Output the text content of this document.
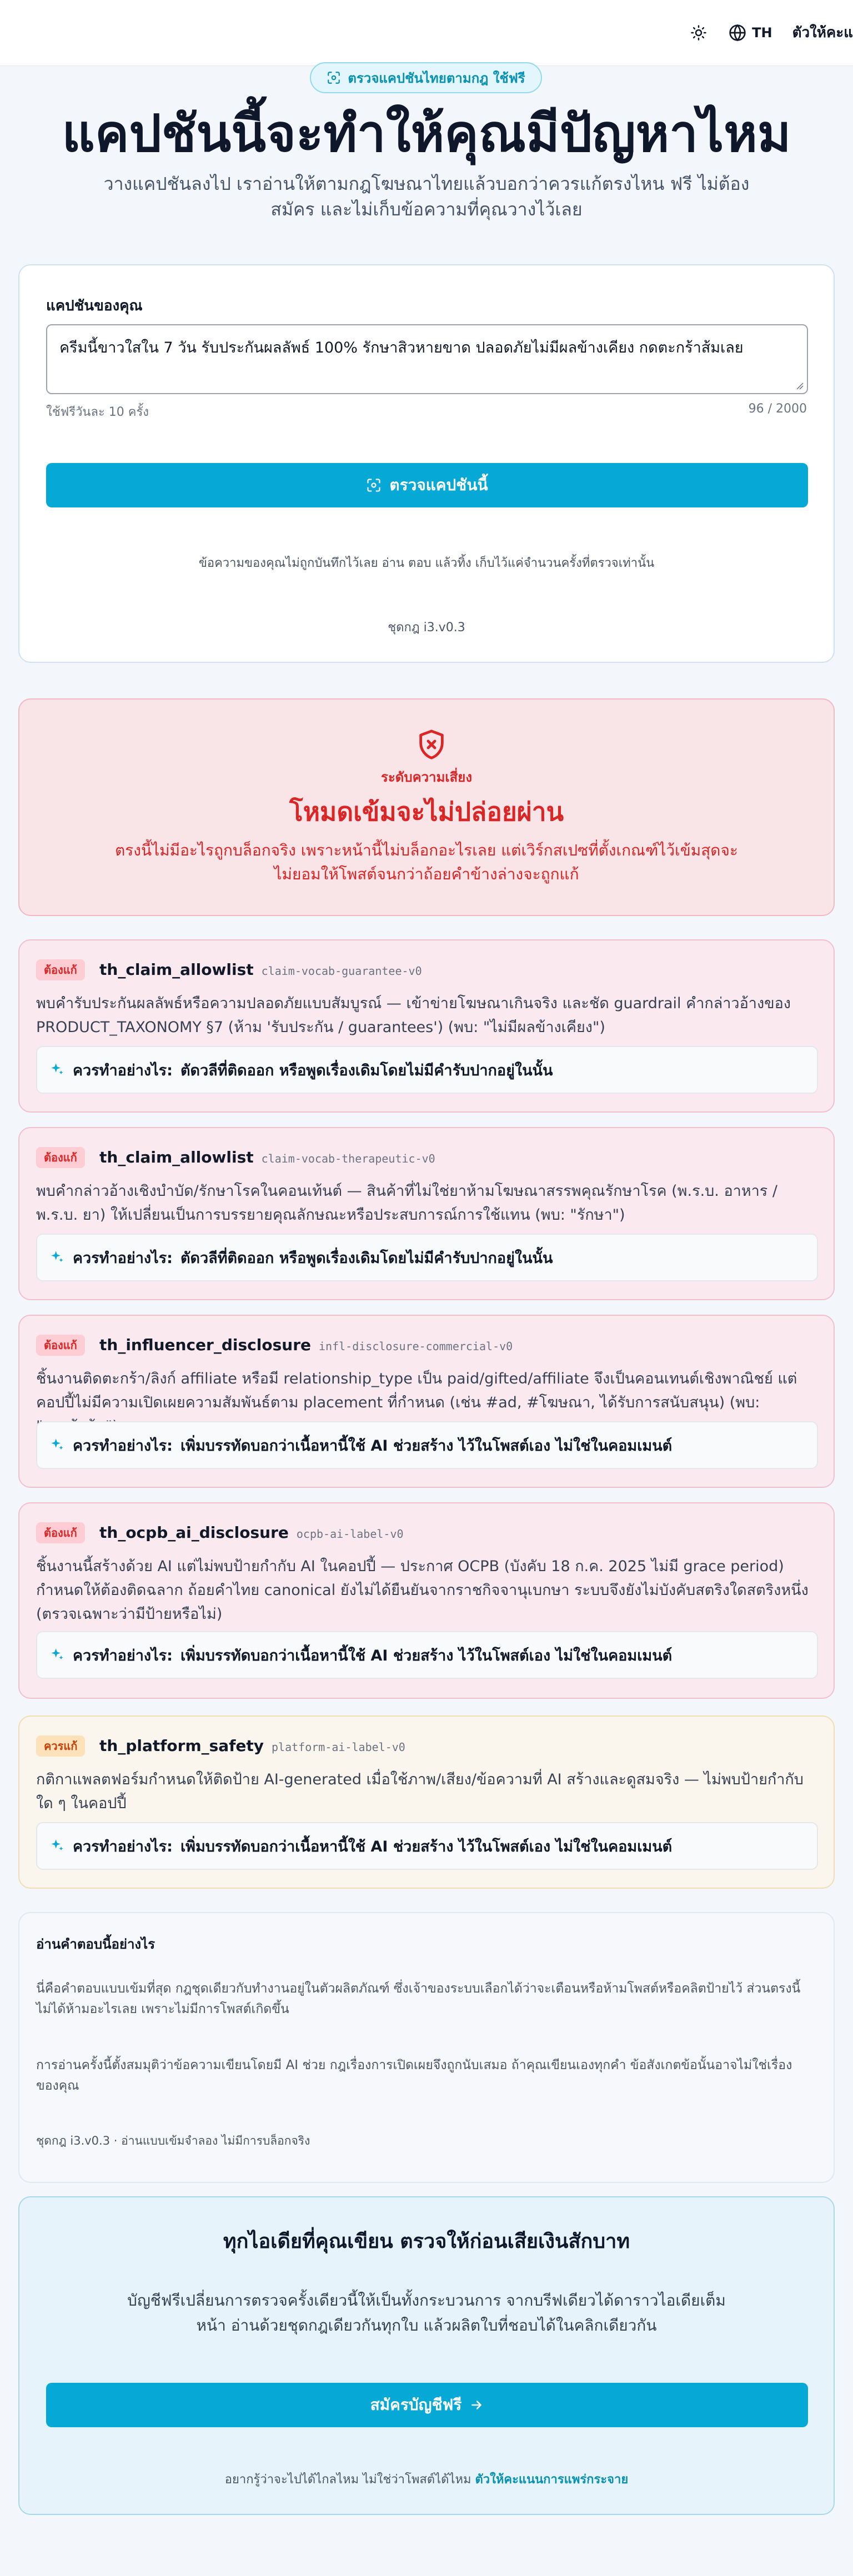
TH ตัวให้คะแ
ตรวจแคปชันไทยตามกฎ ใช้ฟรี
แคปชันนี้จะทำให้คุณมีปัญหาไหม
วางแคปชันลงไป เราอ่านให้ตามกฎโฆษณาไทยแล้วบอกว่าควรแก้ตรงไหน ฟรี ไม่ต้อง
สมัคร และไม่เก็บข้อความที่คุณวางไว้เลย
แคปชันของคุณ
ครีมนี้ขาวใสใน 7 วัน รับประกันผลลัพธ์ 100% รักษาสิวหายขาด ปลอดภัยไม่มีผลข้างเคียง กดตะกร้าส้มเลย
ใช้ฟรีวันละ 10 ครั้ง	96 / 2000
ตรวจแคปชันนี้
ข้อความของคุณไม่ถูกบันทึกไว้เลย อ่าน ตอบ แล้วทิ้ง เก็บไว้แค่จำนวนครั้งที่ตรวจเท่านั้น
ชุดกฎ i3.v0.3
ระดับความเสี่ยง
โหมดเข้มจะไม่ปล่อยผ่าน
ตรงนี้ไม่มีอะไรถูกบล็อกจริง เพราะหน้านี้ไม่บล็อกอะไรเลย แต่เวิร์กสเปซที่ตั้งเกณฑ์ไว้เข้มสุดจะ
ไม่ยอมให้โพสต์จนกว่าถ้อยคำข้างล่างจะถูกแก้
ต้องแก้	th_claim_allowlist claim-vocab-guarantee-v0
พบคำรับประกันผลลัพธ์หรือความปลอดภัยแบบสัมบูรณ์ — เข้าข่ายโฆษณาเกินจริง และชัด guardrail คำกล่าวอ้างของ PRODUCT_TAXONOMY §7 (ห้าม 'รับประกัน / guarantees') (พบ: "ไม่มีผลข้างเคียง")
ควรทำอย่างไร: ตัดวลีที่ติดออก หรือพูดเรื่องเดิมโดยไม่มีคำรับปากอยู่ในนั้น
ต้องแก้	th_claim_allowlist claim-vocab-therapeutic-v0
พบคำกล่าวอ้างเชิงบำบัด/รักษาโรคในคอนเท้นต์ — สินค้าที่ไม่ใช่ยาห้ามโฆษณาสรรพคุณรักษาโรค (พ.ร.บ. อาหาร / พ.ร.บ. ยา) ให้เปลี่ยนเป็นการบรรยายคุณลักษณะหรือประสบการณ์การใช้แทน (พบ: "รักษา")
ควรทำอย่างไร: ตัดวลีที่ติดออก หรือพูดเรื่องเดิมโดยไม่มีคำรับปากอยู่ในนั้น
ต้องแก้	th_influencer_disclosure infl-disclosure-commercial-v0
ชิ้นงานติดตะกร้า/ลิงก์ affiliate หรือมี relationship_type เป็น paid/gifted/affiliate จึงเป็นคอนเทนต์เชิงพาณิชย์ แต่คอปปี้ไม่มีความเปิดเผยความสัมพันธ์ตาม placement ที่กำหนด (เช่น #ad, #โฆษณา, ได้รับการสนับสนุน) (พบ:
ควรทำอย่างไร: เพิ่มบรรทัดบอกว่าเนื้อหานี้ใช้ AI ช่วยสร้าง ไว้ในโพสต์เอง ไม่ใช่ในคอมเมนต์
ต้องแก้	th_ocpb_ai_disclosure ocpb-ai-label-v0
ชิ้นงานนี้สร้างด้วย AI แต่ไม่พบป้ายกำกับ AI ในคอปปี้ — ประกาศ OCPB (บังคับ 18 ก.ค. 2025 ไม่มี grace period) กำหนดให้ต้องติดฉลาก ถ้อยคำไทย canonical ยังไม่ได้ยืนยันจากราชกิจจานุเบกษา ระบบจึงยังไม่บังคับสตริงใดสตริงหนึ่ง (ตรวจเฉพาะว่ามีป้ายหรือไม่)
ควรทำอย่างไร: เพิ่มบรรทัดบอกว่าเนื้อหานี้ใช้ AI ช่วยสร้าง ไว้ในโพสต์เอง ไม่ใช่ในคอมเมนต์
ควรแก้	th_platform_safety platform-ai-label-v0
กติกาแพลตฟอร์มกำหนดให้ติดป้าย AI-generated เมื่อใช้ภาพ/เสียง/ข้อความที่ AI สร้างและดูสมจริง — ไม่พบป้ายกำกับใด ๆ ในคอปปี้
ควรทำอย่างไร: เพิ่มบรรทัดบอกว่าเนื้อหานี้ใช้ AI ช่วยสร้าง ไว้ในโพสต์เอง ไม่ใช่ในคอมเมนต์
อ่านคำตอบนี้อย่างไร
นี่คือคำตอบแบบเข้มที่สุด กฎชุดเดียวกับทำงานอยู่ในตัวผลิตภัณฑ์ ซึ่งเจ้าของระบบเลือกได้ว่าจะเตือนหรือห้ามโพสต์หรือคลิตป้ายไว้ ส่วนตรงนี้ไม่ได้ห้ามอะไรเลย เพราะไม่มีการโพสต์เกิดขึ้น
การอ่านครั้งนี้ตั้งสมมุติว่าข้อความเขียนโดยมี AI ช่วย กฎเรื่องการเปิดเผยจึงถูกนับเสมอ ถ้าคุณเขียนเองทุกคำ ข้อสังเกตข้อนั้นอาจไม่ใช่เรื่องของคุณ
ชุดกฎ i3.v0.3 · อ่านแบบเข้มจำลอง ไม่มีการบล็อกจริง
ทุกไอเดียที่คุณเขียน ตรวจให้ก่อนเสียเงินสักบาท
บัญชีฟรีเปลี่ยนการตรวจครั้งเดียวนี้ให้เป็นทั้งกระบวนการ จากบรีฟเดียวได้ดาราวไอเดียเต็ม
หน้า อ่านด้วยชุดกฎเดียวกันทุกใบ แล้วผลิตใบที่ชอบได้ในคลิกเดียวกัน
สมัครบัญชีฟรี
อยากรู้ว่าจะไปได้ไกลไหม ไม่ใช่ว่าโพสต์ได้ไหม ตัวให้คะแนนการแพร่กระจาย
